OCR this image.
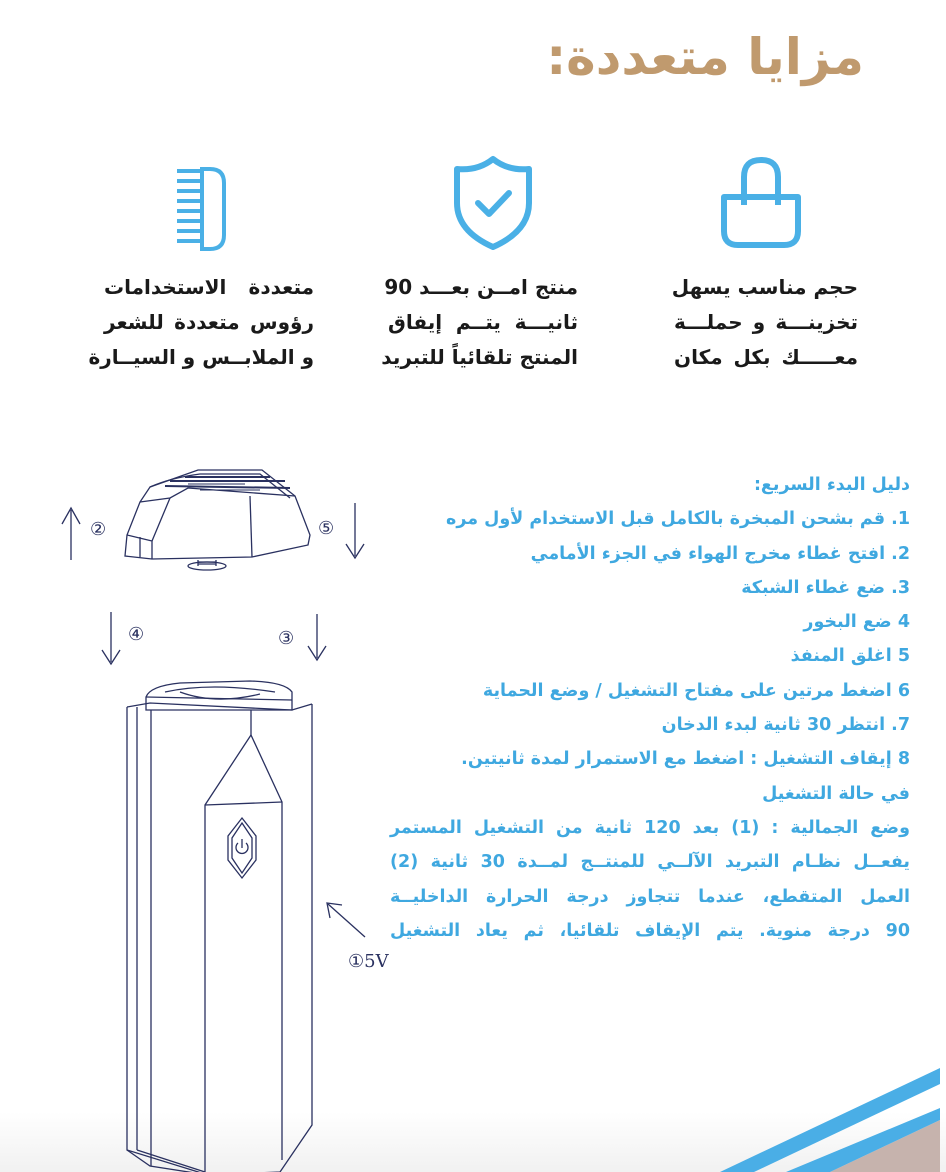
مزايا متعددة:
حجم مناسب يسهل
تخزينـــة و حملـــة
معـــــك بكل مكان
منتج امــن بعـــد 90
ثانيـــة يتــم إيفاق
المنتج تلقائياً للتبريد
متعددة الاستخدامات
رؤوس متعددة للشعر
و الملابــس و السيــارة
دليل البدء السريع:
1. قم بشحن المبخرة بالكامل قبل الاستخدام لأول مره
2. افتح غطاء مخرج الهواء في الجزء الأمامي
3. ضع غطاء الشبكة
4 ضع البخور
5 اغلق المنفذ
6 اضغط مرتين على مفتاح التشغيل / وضع الحماية
7. انتظر 30 ثانية لبدء الدخان
8 إيقاف التشغيل : اضغط مع الاستمرار لمدة ثانيتين.
في حالة التشغيل
وضع الجمالية : (1) بعد 120 ثانية من التشغيل المستمر
يفعــل نظـام التبريد الآلــي للمنتــج لمــدة 30 ثانية (2)
العمل المتقطع، عندما تتجاوز درجة الحرارة الداخليــة
90 درجة منوية. يتم الإيقاف تلقائيا، ثم يعاد التشغيل
②	⑤
④	③
①5V
